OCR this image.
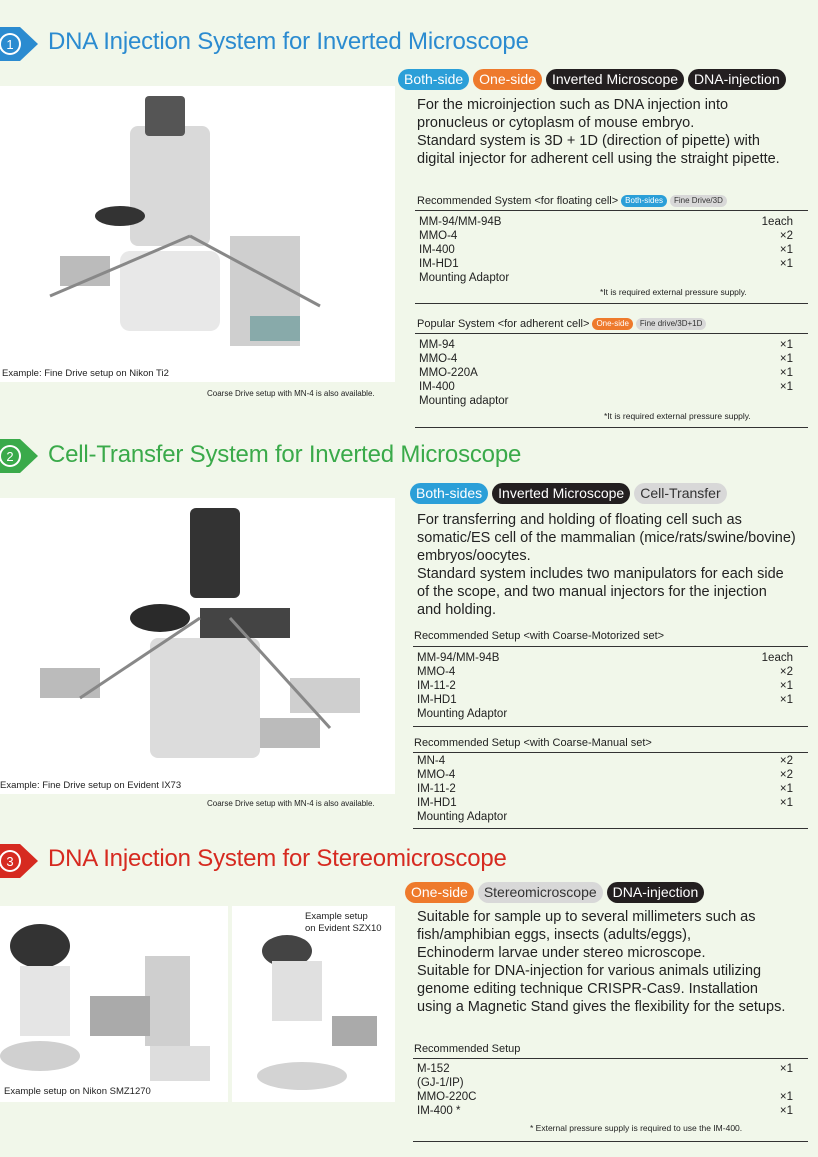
1 DNA Injection System for Inverted Microscope
Example: Fine Drive setup on Nikon Ti2
Coarse Drive setup with MN-4 is also available.
Both-side	One-side	Inverted Microscope	DNA-injection
For the microinjection such as DNA injection into
pronucleus or cytoplasm of mouse embryo.
Standard system is 3D + 1D (direction of pipette) with
digital injector for adherent cell using the straight pipette.
Recommended System <for floating cell> Both-sides	Fine Drive/3D
MM-94/MM-94B	1each
MMO-4	×2
IM-400	×1
IM-HD1	×1
Mounting Adaptor
*It is required external pressure supply.
Popular System <for adherent cell> One-side	Fine drive/3D+1D
MM-94	×1
MMO-4	×1
MMO-220A	×1
IM-400	×1
Mounting adaptor
*It is required external pressure supply.
2 Cell-Transfer System for Inverted Microscope
Example: Fine Drive setup on Evident IX73
Coarse Drive setup with MN-4 is also available.
Both-sides	Inverted Microscope	Cell-Transfer
For transferring and holding of floating cell such as
somatic/ES cell of the mammalian (mice/rats/swine/bovine)
embryos/oocytes.
Standard system includes two manipulators for each side
of the scope, and two manual injectors for the injection
and holding.
Recommended Setup <with Coarse-Motorized set>
MM-94/MM-94B	1each
MMO-4	×2
IM-11-2	×1
IM-HD1	×1
Mounting Adaptor
Recommended Setup <with Coarse-Manual set>
MN-4	×2
MMO-4	×2
IM-11-2	×1
IM-HD1	×1
Mounting Adaptor
3 DNA Injection System for Stereomicroscope
Example setup on Nikon SMZ1270
Example setup
on Evident SZX10
One-side	Stereomicroscope	DNA-injection
Suitable for sample up to several millimeters such as
fish/amphibian eggs, insects (adults/eggs),
Echinoderm larvae under stereo microscope.
Suitable for DNA-injection for various animals utilizing
genome editing technique CRISPR-Cas9. Installation
using a Magnetic Stand gives the flexibility for the setups.
Recommended Setup
M-152	×1
(GJ-1/IP)
MMO-220C	×1
IM-400 *	×1
* External pressure supply is required to use the IM-400.
